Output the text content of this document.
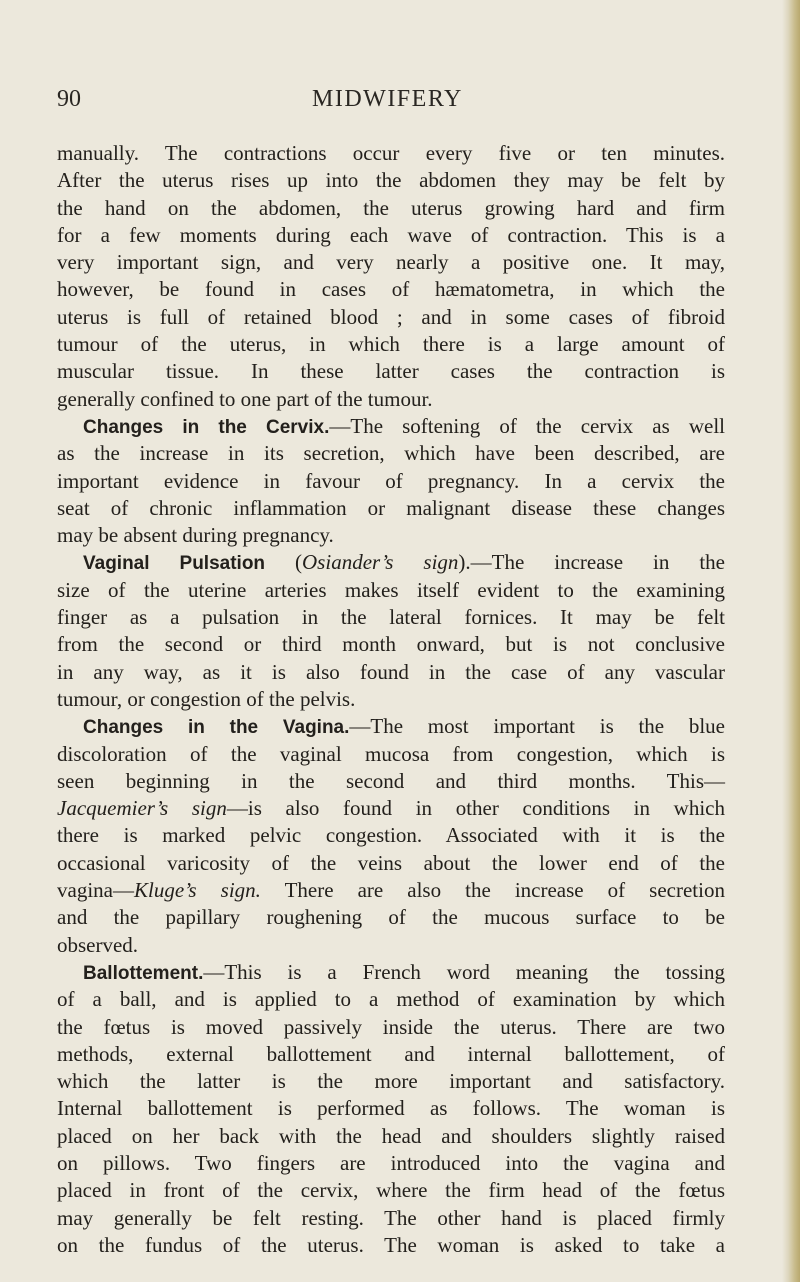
90	MIDWIFERY
manually. The contractions occur every five or ten minutes.
After the uterus rises up into the abdomen they may be felt by
the hand on the abdomen, the uterus growing hard and firm
for a few moments during each wave of contraction. This is a
very important sign, and very nearly a positive one. It may,
however, be found in cases of hæmatometra, in which the
uterus is full of retained blood ; and in some cases of fibroid
tumour of the uterus, in which there is a large amount of
muscular tissue. In these latter cases the contraction is
generally confined to one part of the tumour.
Changes in the Cervix.—The softening of the cervix as well
as the increase in its secretion, which have been described, are
important evidence in favour of pregnancy. In a cervix the
seat of chronic inflammation or malignant disease these changes
may be absent during pregnancy.
Vaginal Pulsation (Osiander’s sign).—The increase in the
size of the uterine arteries makes itself evident to the examining
finger as a pulsation in the lateral fornices. It may be felt
from the second or third month onward, but is not conclusive
in any way, as it is also found in the case of any vascular
tumour, or congestion of the pelvis.
Changes in the Vagina.—The most important is the blue
discoloration of the vaginal mucosa from congestion, which is
seen beginning in the second and third months. This—
Jacquemier’s sign—is also found in other conditions in which
there is marked pelvic congestion. Associated with it is the
occasional varicosity of the veins about the lower end of the
vagina—Kluge’s sign. There are also the increase of secretion
and the papillary roughening of the mucous surface to be
observed.
Ballottement.—This is a French word meaning the tossing
of a ball, and is applied to a method of examination by which
the fœtus is moved passively inside the uterus. There are two
methods, external ballottement and internal ballottement, of
which the latter is the more important and satisfactory.
Internal ballottement is performed as follows. The woman is
placed on her back with the head and shoulders slightly raised
on pillows. Two fingers are introduced into the vagina and
placed in front of the cervix, where the firm head of the fœtus
may generally be felt resting. The other hand is placed firmly
on the fundus of the uterus. The woman is asked to take a
